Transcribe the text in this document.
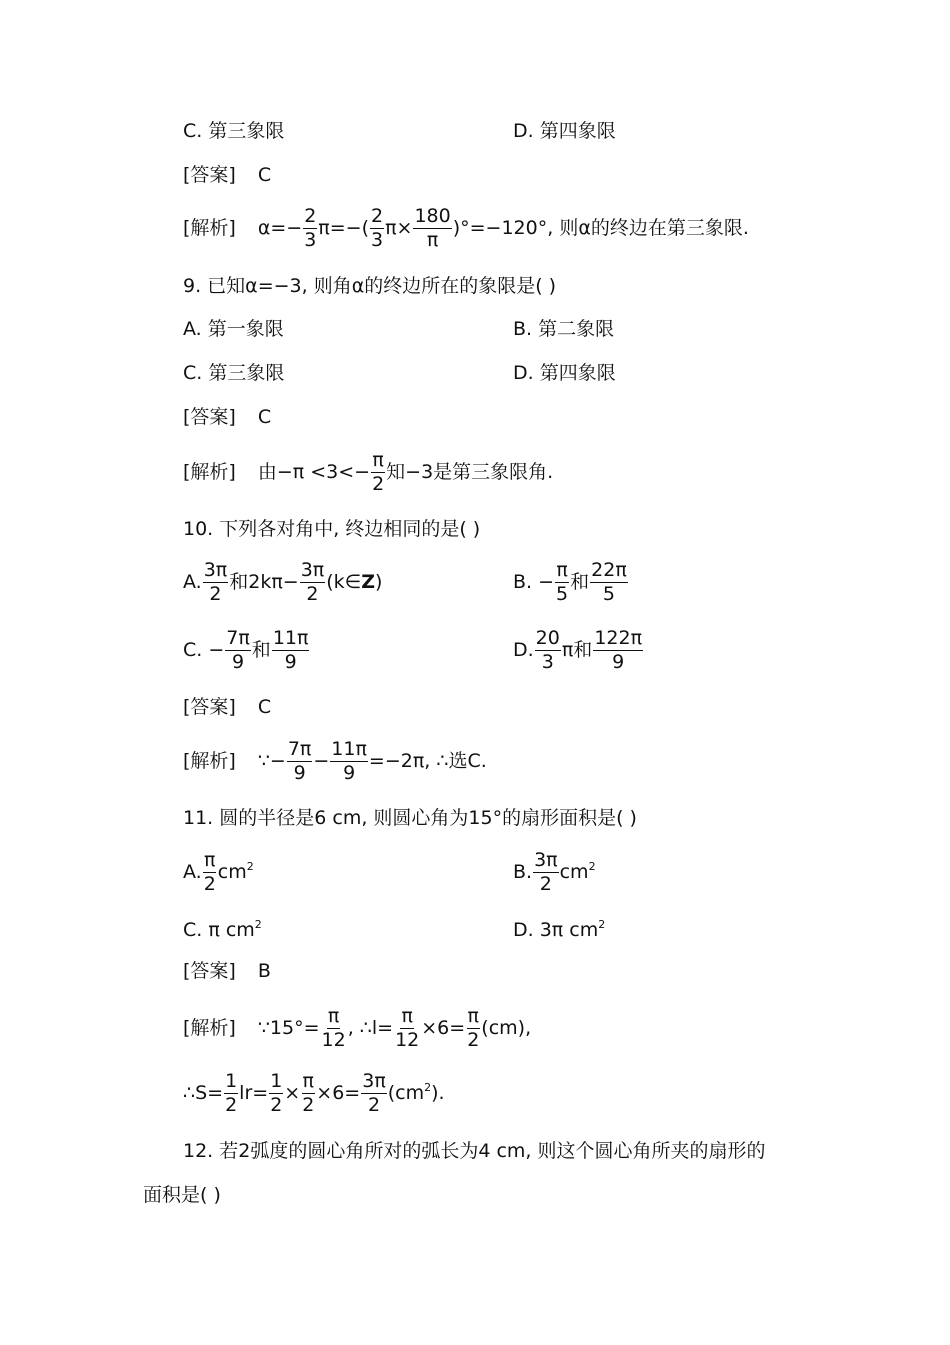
C. 第三象限	D. 第四象限
[答案] C
[解析] $\alpha=- \frac{2}{3} \pi=-( \frac{2}{3} \pi\times \frac{180}{\pi} )^\circ=-120^\circ$, 则α的终边在第三象限.
9. 已知α=−3, 则角α的终边所在的象限是( )
A. 第一象限	B. 第二象限
C. 第三象限	D. 第四象限
[答案] C
[解析] 由$-\pi <3<- \frac{\pi}{2}$ 知−3是第三象限角.
10. 下列各对角中, 终边相同的是( )
A. $\frac{3\pi}{2}$ 和$2k\pi- \frac{3\pi}{2}$ (k∈Z)	B. − $\frac{\pi}{5}$ 和 $\frac{22\pi}{5}$
C. − $\frac{7\pi}{9}$ 和 $\frac{11\pi}{9}$	D. $\frac{20}{3}$ π和 $\frac{122\pi}{9}$
[答案] C
[解析] ∵− $\frac{7\pi}{9} - \frac{11\pi}{9} =-2\pi$, ∴选C.
11. 圆的半径是6 cm, 则圆心角为15°的扇形面积是( )
A. $\frac{\pi}{2} cm^2$	B. $\frac{3\pi}{2} cm^2$
C. π $cm^2$	D. 3π $cm^2$
[答案] B
[解析] ∵15°= $\frac{\pi}{12}$ , ∴l= $\frac{\pi}{12} \times 6= \frac{\pi}{2} (cm)$,
∴S= $\frac{1}{2} lr= \frac{1}{2} \times \frac{\pi}{2} \times 6= \frac{3\pi}{2} (cm^2)$.
12. 若2弧度的圆心角所对的弧长为4 cm, 则这个圆心角所夹的扇形的
面积是( )
